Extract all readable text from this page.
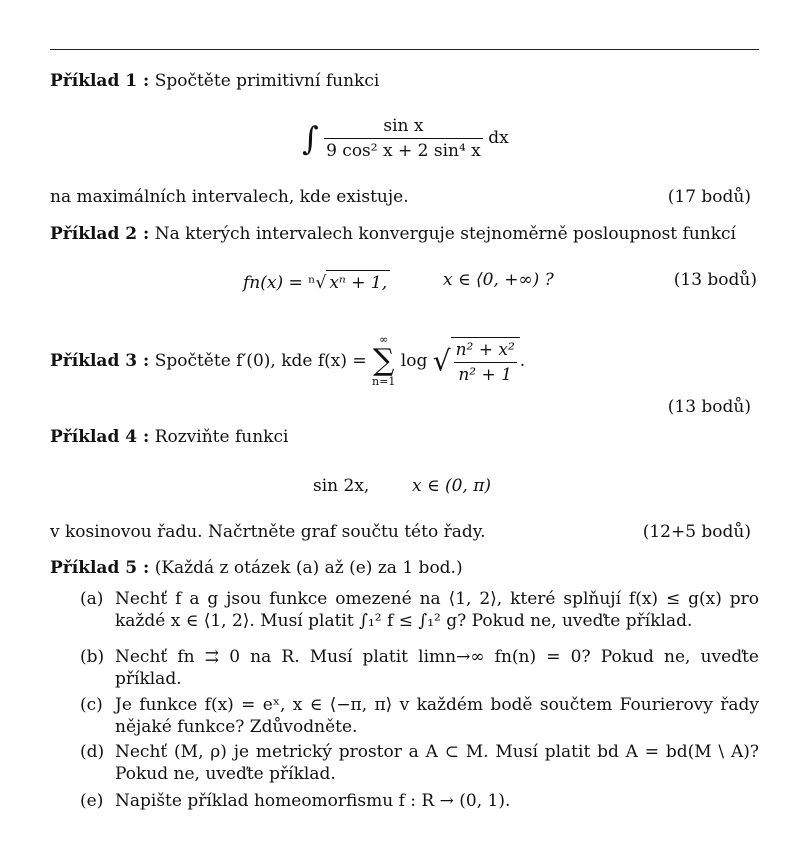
Příklad 1 : Spočtěte primitivní funkci
∫ $\frac{\text{sin x}}{\text{9 cos² x + 2 sin⁴ x}}$ dx
na maximálních intervalech, kde existuje.	(17 bodů)
Příklad 2 : Na kterých intervalech konverguje stejnoměrně posloupnost funkcí
fn(x) = ⁿ√ xⁿ + 1,	x ∈ ⟨0, +∞) ?	(13 bodů)
Příklad 3 : Spočtěte f′(0), kde f(x) =
∞
∑
n=1
log √ $\frac{\text{n² + x²}}{\text{n² + 1}}$ .
(13 bodů)
Příklad 4 : Rozviňte funkci
sin 2x,	x ∈ (0, π)
v kosinovou řadu. Načrtněte graf součtu této řady.	(12+5 bodů)
Příklad 5 : (Každá z otázek (a) až (e) za 1 bod.)
(a) Nechť f a g jsou funkce omezené na ⟨1, 2⟩, které splňují f(x) ≤ g(x) pro každé x ∈ ⟨1, 2⟩. Musí platit ∫₁² f ≤ ∫₁² g? Pokud ne, uveďte příklad.
(b) Nechť fn ⇉ 0 na R. Musí platit limn→∞ fn(n) = 0? Pokud ne, uveďte příklad.
(c) Je funkce f(x) = eˣ, x ∈ ⟨−π, π⟩ v každém bodě součtem Fourierovy řady nějaké funkce? Zdůvodněte.
(d) Nechť (M, ρ) je metrický prostor a A ⊂ M. Musí platit bd A = bd(M \ A)? Pokud ne, uveďte příklad.
(e) Napište příklad homeomorfismu f : R → (0, 1).
